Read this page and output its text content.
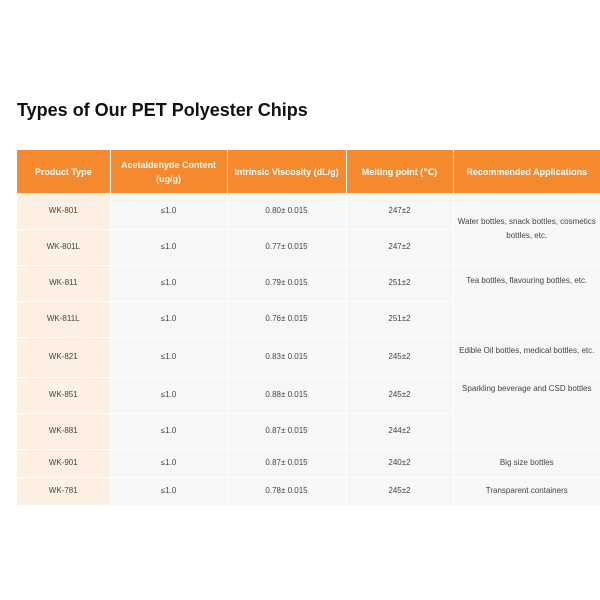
Types of Our PET Polyester Chips
Product Type	Acetaldehyde Content (ug/g)	Intrinsic Viscosity (dL/g)	Melting point (℃)	Recommended Applications
WK-801	≤1.0	0.80± 0.015	247±2	Water bottles, snack bottles, cosmetics bottles, etc.
WK-801L	≤1.0	0.77± 0.015	247±2	
WK-811	≤1.0	0.79± 0.015	251±2	Tea bottles, flavouring bottles, etc.
WK-811L	≤1.0	0.76± 0.015	251±2	
WK-821	≤1.0	0.83± 0.015	245±2	Edible Oil bottles, medical bottles, etc.
WK-851	≤1.0	0.88± 0.015	245±2	Sparkling beverage and CSD bottles
WK-881	≤1.0	0.87± 0.015	244±2	
WK-901	≤1.0	0.87± 0.015	240±2	Big size bottles
WK-781	≤1.0	0.78± 0.015	245±2	Transparent containers
